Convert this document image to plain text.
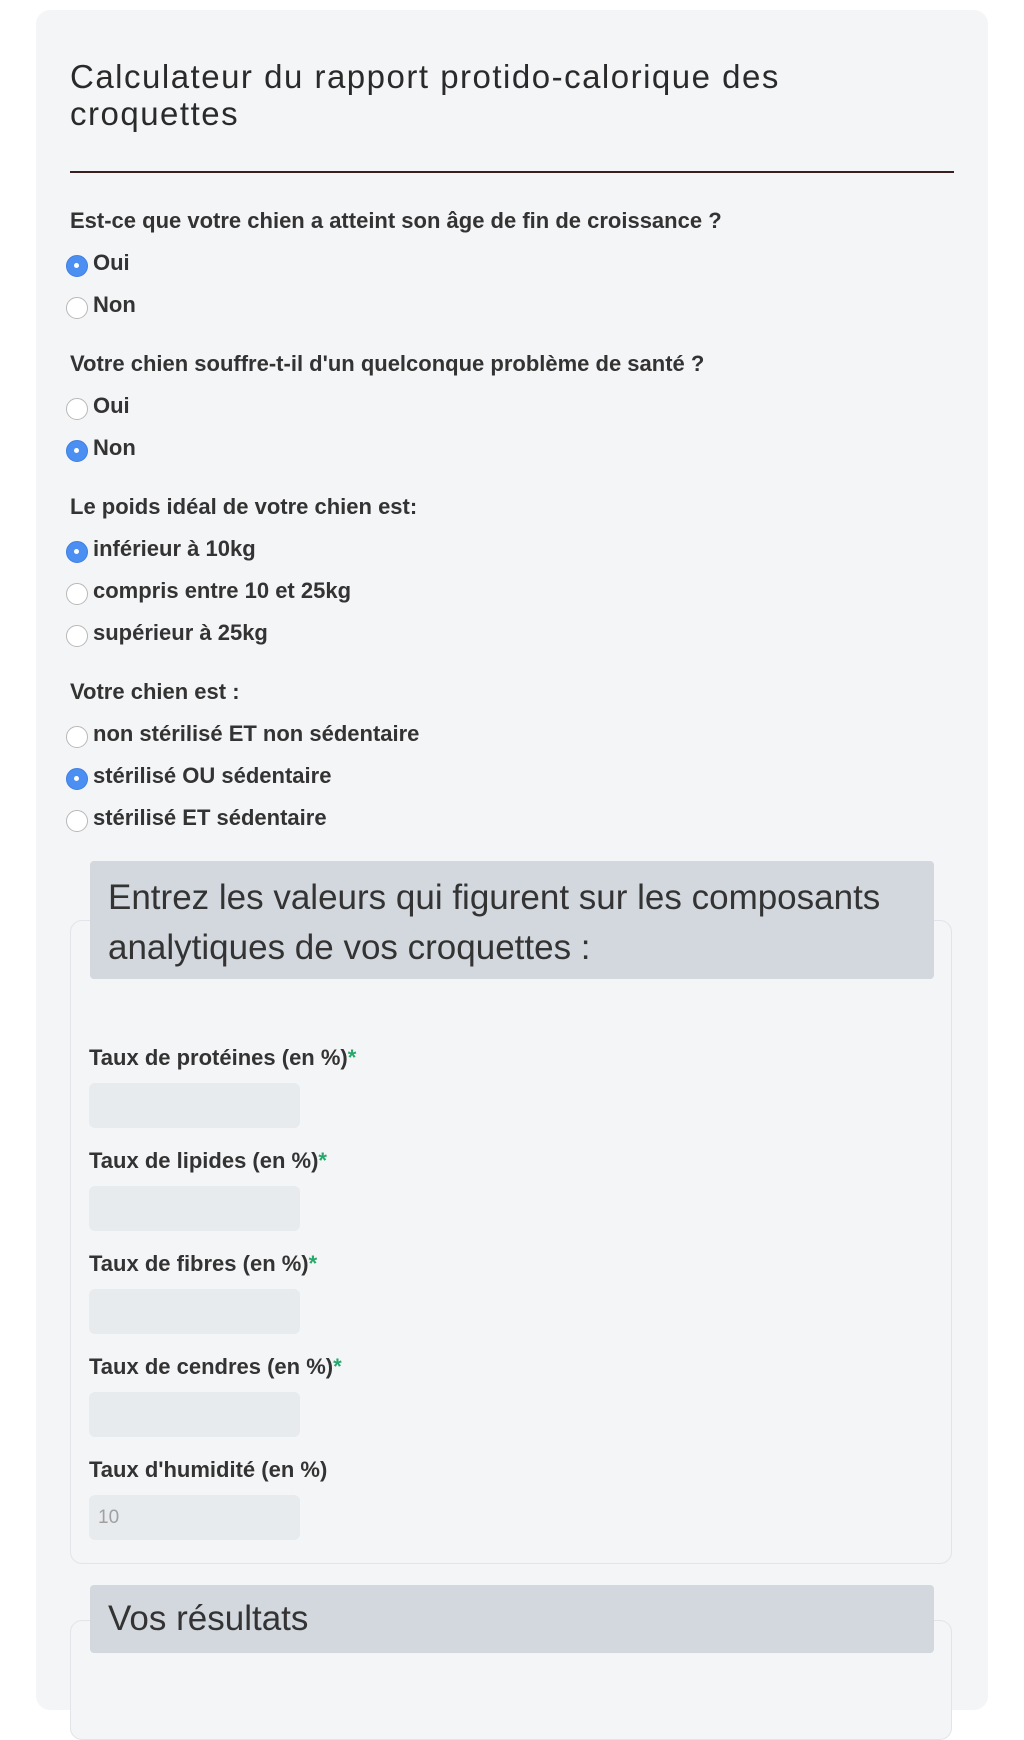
Calculateur du rapport protido-calorique des croquettes
Est-ce que votre chien a atteint son âge de fin de croissance ?
Oui
Non
Votre chien souffre-t-il d'un quelconque problème de santé ?
Oui
Non
Le poids idéal de votre chien est:
inférieur à 10kg
compris entre 10 et 25kg
supérieur à 25kg
Votre chien est :
non stérilisé ET non sédentaire
stérilisé OU sédentaire
stérilisé ET sédentaire
Entrez les valeurs qui figurent sur les composants analytiques de vos croquettes :
Taux de protéines (en %)*
Taux de lipides (en %)*
Taux de fibres (en %)*
Taux de cendres (en %)*
Taux d'humidité (en %)
10
Vos résultats
